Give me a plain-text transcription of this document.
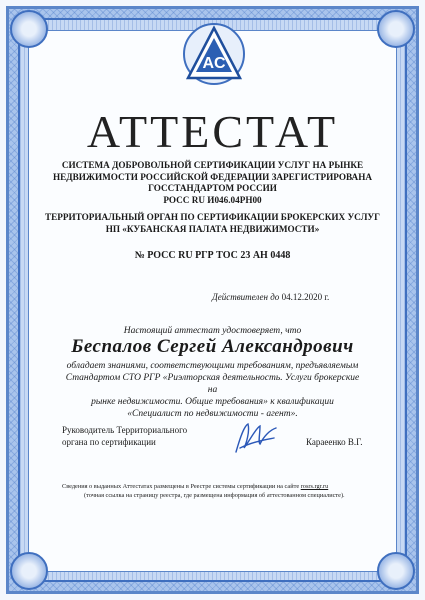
AC
АТТЕСТАТ
СИСТЕМА ДОБРОВОЛЬНОЙ СЕРТИФИКАЦИИ УСЛУГ НА РЫНКЕ
НЕДВИЖИМОСТИ РОССИЙСКОЙ ФЕДЕРАЦИИ ЗАРЕГИСТРИРОВАНА
ГОССТАНДАРТОМ РОССИИ
РОСС RU И046.04РН00
ТЕРРИТОРИАЛЬНЫЙ ОРГАН ПО СЕРТИФИКАЦИИ БРОКЕРСКИХ УСЛУГ
НП «КУБАНСКАЯ ПАЛАТА НЕДВИЖИМОСТИ»
№ РОСС RU РГР ТОС 23 АН 0448
Действителен до 04.12.2020 г.
Настоящий аттестат удостоверяет, что
Беспалов Сергей Александрович
обладает знаниями, соответствующими требованиям, предъявляемым
Стандартом СТО РГР «Риэлторская деятельность. Услуги брокерские на
рынке недвижимости. Общие требования» к квалификации
«Специалист по недвижимости - агент».
Руководитель Территориального
органа по сертификации	Караеенко В.Г.
Сведения о выданных Аттестатах размещены в Реестре системы сертификации на сайте rosrs.rgr.ru
(точная ссылка на страницу реестра, где размещена информация об аттестованном специалисте).
